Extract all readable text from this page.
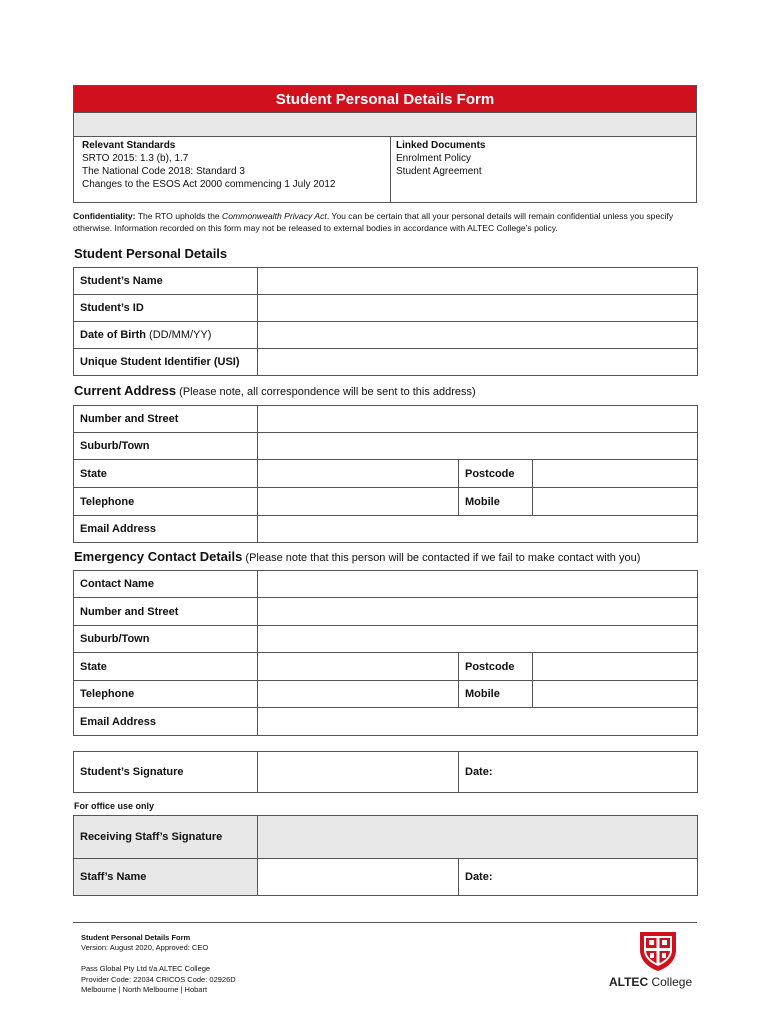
Student Personal Details Form
Relevant Standards
SRTO 2015: 1.3 (b), 1.7
The National Code 2018: Standard 3
Changes to the ESOS Act 2000 commencing 1 July 2012
Linked Documents
Enrolment Policy
Student Agreement
Confidentiality: The RTO upholds the Commonwealth Privacy Act. You can be certain that all your personal details will remain confidential unless you specify otherwise. Information recorded on this form may not be released to external bodies in accordance with ALTEC College’s policy.
Student Personal Details
Student’s Name	
Student’s ID	
Date of Birth (DD/MM/YY)	
Unique Student Identifier (USI)	
Current Address (Please note, all correspondence will be sent to this address)
Number and Street			
Suburb/Town			
State		Postcode	
Telephone		Mobile	
Email Address			
Emergency Contact Details (Please note that this person will be contacted if we fail to make contact with you)
Contact Name			
Number and Street			
Suburb/Town			
State		Postcode	
Telephone		Mobile	
Email Address			
Student’s Signature		Date:
For office use only
Receiving Staff’s Signature		
Staff’s Name		Date:
Student Personal Details Form
Version: August 2020, Approved: CEO
Pass Global Pty Ltd t/a ALTEC College
Provider Code: 22034 CRICOS Code: 02926D
Melbourne | North Melbourne | Hobart
ALTEC College
